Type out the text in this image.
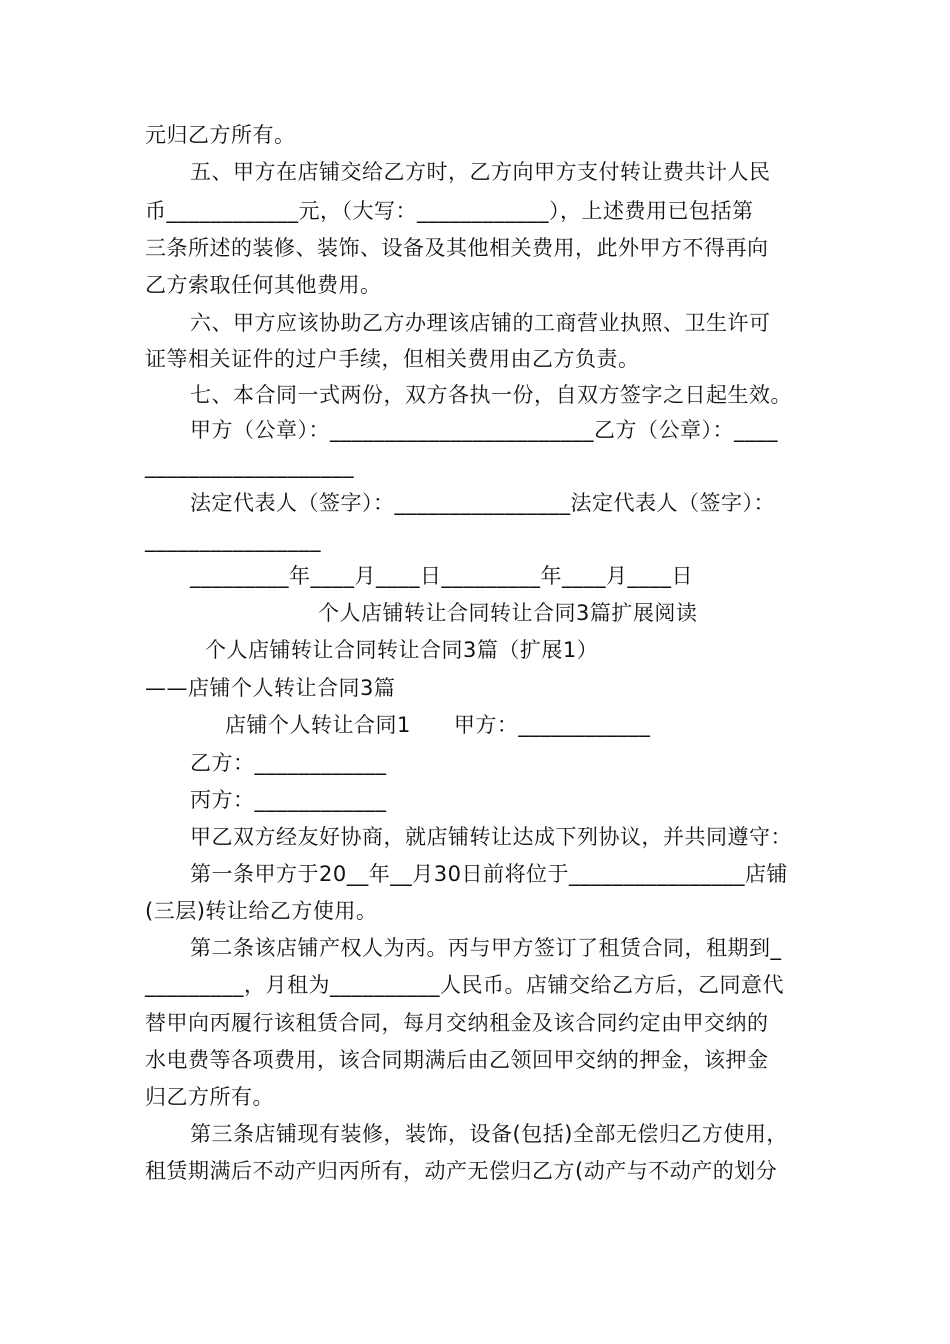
元归乙方所有。
五、甲方在店铺交给乙方时，乙方向甲方支付转让费共计人民
币____________元，（大写：____________），上述费用已包括第
三条所述的装修、装饰、设备及其他相关费用，此外甲方不得再向
乙方索取任何其他费用。
六、甲方应该协助乙方办理该店铺的工商营业执照、卫生许可
证等相关证件的过户手续，但相关费用由乙方负责。
七、本合同一式两份，双方各执一份，自双方签字之日起生效。
甲方（公章）：________________________乙方（公章）：____
___________________
法定代表人（签字）：________________法定代表人（签字）：
________________
_________年____月____日_________年____月____日
个人店铺转让合同转让合同3篇扩展阅读
个人店铺转让合同转让合同3篇（扩展1）
——店铺个人转让合同3篇
店铺个人转让合同1　　甲方：____________
乙方：____________
丙方：____________
甲乙双方经友好协商，就店铺转让达成下列协议，并共同遵守：
第一条甲方于20__年__月30日前将位于________________店铺
(三层)转让给乙方使用。
第二条该店铺产权人为丙。丙与甲方签订了租赁合同，租期到_
_________，月租为__________人民币。店铺交给乙方后，乙同意代
替甲向丙履行该租赁合同，每月交纳租金及该合同约定由甲交纳的
水电费等各项费用，该合同期满后由乙领回甲交纳的押金，该押金
归乙方所有。
第三条店铺现有装修，装饰，设备(包括)全部无偿归乙方使用，
租赁期满后不动产归丙所有，动产无偿归乙方(动产与不动产的划分
